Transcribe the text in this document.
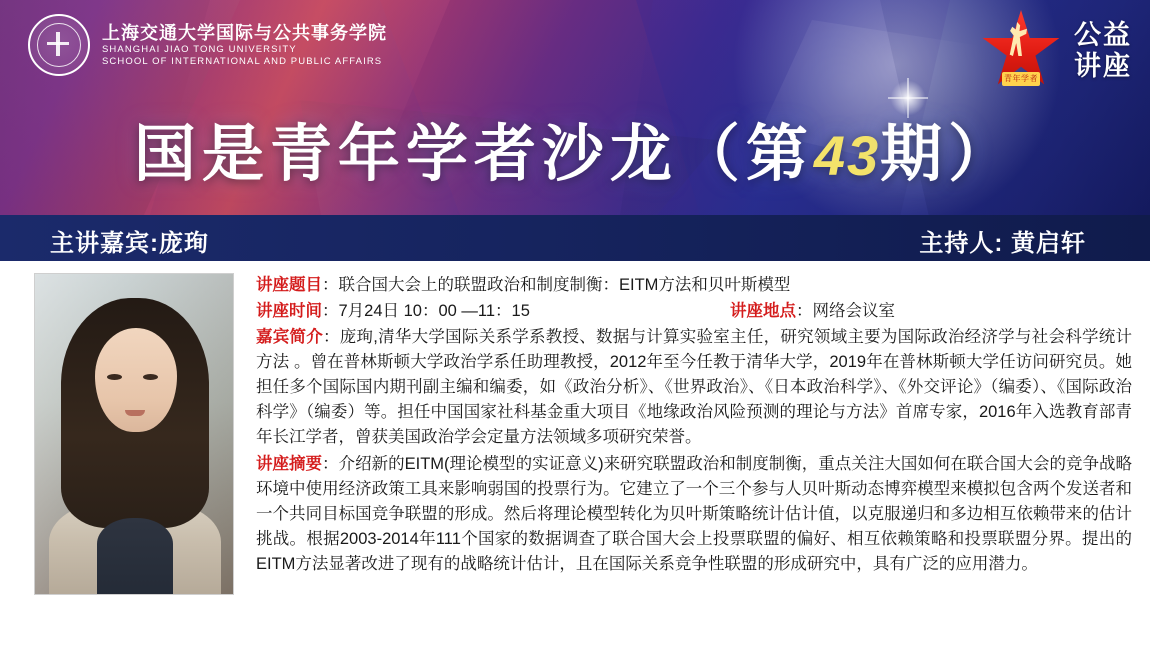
上海交通大学国际与公共事务学院
SHANGHAI JIAO TONG UNIVERSITY
SCHOOL OF INTERNATIONAL AND PUBLIC AFFAIRS
青年学者
公益
讲座
国是青年学者沙龙（第43期）
主讲嘉宾:庞珣	主持人: 黄启轩
讲座题目：联合国大会上的联盟政治和制度制衡：EITM方法和贝叶斯模型
讲座时间：7月24日 10：00 —11：15	讲座地点：网络会议室
嘉宾简介：庞珣,清华大学国际关系学系教授、数据与计算实验室主任，研究领域主要为国际政治经济学与社会科学统计方法 。曾在普林斯顿大学政治学系任助理教授，2012年至今任教于清华大学，2019年在普林斯顿大学任访问研究员。她担任多个国际国内期刊副主编和编委，如《政治分析》、《世界政治》、《日本政治科学》、《外交评论》（编委）、《国际政治科学》（编委）等。担任中国国家社科基金重大项目《地缘政治风险预测的理论与方法》首席专家，2016年入选教育部青年长江学者，曾获美国政治学会定量方法领域多项研究荣誉。
讲座摘要：介绍新的EITM(理论模型的实证意义)来研究联盟政治和制度制衡，重点关注大国如何在联合国大会的竞争战略环境中使用经济政策工具来影响弱国的投票行为。它建立了一个三个参与人贝叶斯动态博弈模型来模拟包含两个发送者和一个共同目标国竞争联盟的形成。然后将理论模型转化为贝叶斯策略统计估计值，以克服递归和多边相互依赖带来的估计挑战。根据2003-2014年111个国家的数据调查了联合国大会上投票联盟的偏好、相互依赖策略和投票联盟分界。提出的EITM方法显著改进了现有的战略统计估计，且在国际关系竞争性联盟的形成研究中，具有广泛的应用潜力。
